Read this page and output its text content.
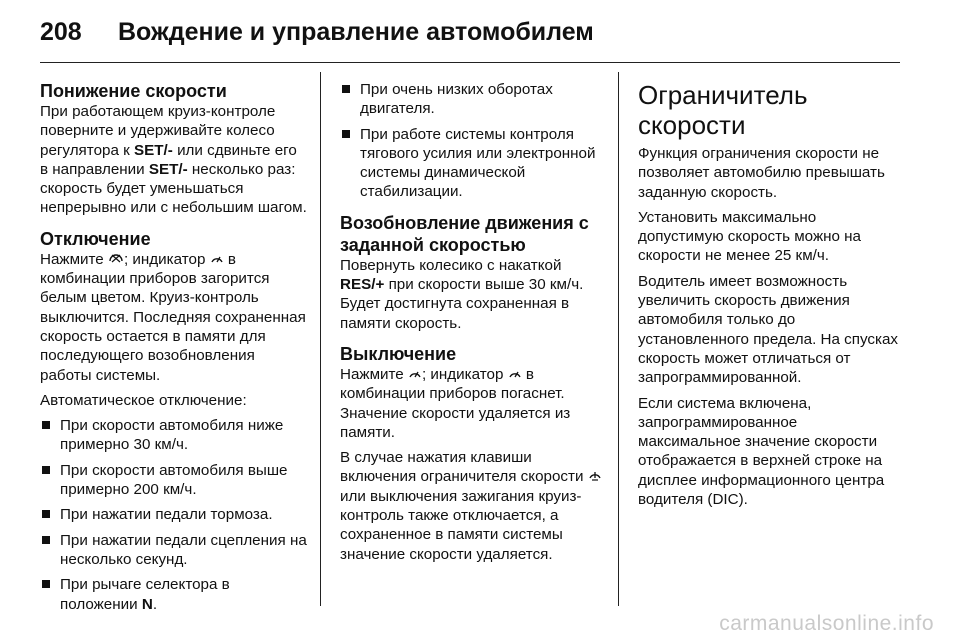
208	Вождение и управление автомобилем
Понижение скорости

При работающем круиз-контроле поверните и удерживайте колесо регулятора к SET/- или сдвиньте его в направлении SET/- несколько раз: скорость будет уменьшаться непрерывно или с небольшим шагом.

Отключение

Нажмите ; индикатор в комбинации приборов загорится белым цветом. Круиз-контроль выключится. Последняя сохраненная скорость остается в памяти для последующего возобновления работы системы.

Автоматическое отключение:

При скорости автомобиля ниже примерно 30 км/ч.
При скорости автомобиля выше примерно 200 км/ч.
При нажатии педали тормоза.
При нажатии педали сцепления на несколько секунд.
При рычаге селектора в положении N.
При очень низких оборотах двигателя.
При работе системы контроля тягового усилия или электронной системы динамической стабилизации.
Возобновление движения с заданной скоростью

Повернуть колесико с накаткой RES/+ при скорости выше 30 км/ч. Будет достигнута сохраненная в памяти скорость.

Выключение

Нажмите ; индикатор в комбинации приборов погаснет. Значение скорости удаляется из памяти.

В случае нажатия клавиши включения ограничителя скорости  или выключения зажигания круиз-контроль также отключается, а сохраненное в памяти системы значение скорости удаляется.

Ограничитель скорости

Функция ограничения скорости не позволяет автомобилю превышать заданную скорость.

Установить максимально допустимую скорость можно на скорости не менее 25 км/ч.

Водитель имеет возможность увеличить скорость движения автомобиля только до установленного предела. На спусках скорость может отличаться от запрограммированной.

Если система включена, запрограммированное максимальное значение скорости отображается в верхней строке на дисплее информационного центра водителя (DIC).

carmanualsonline.info
